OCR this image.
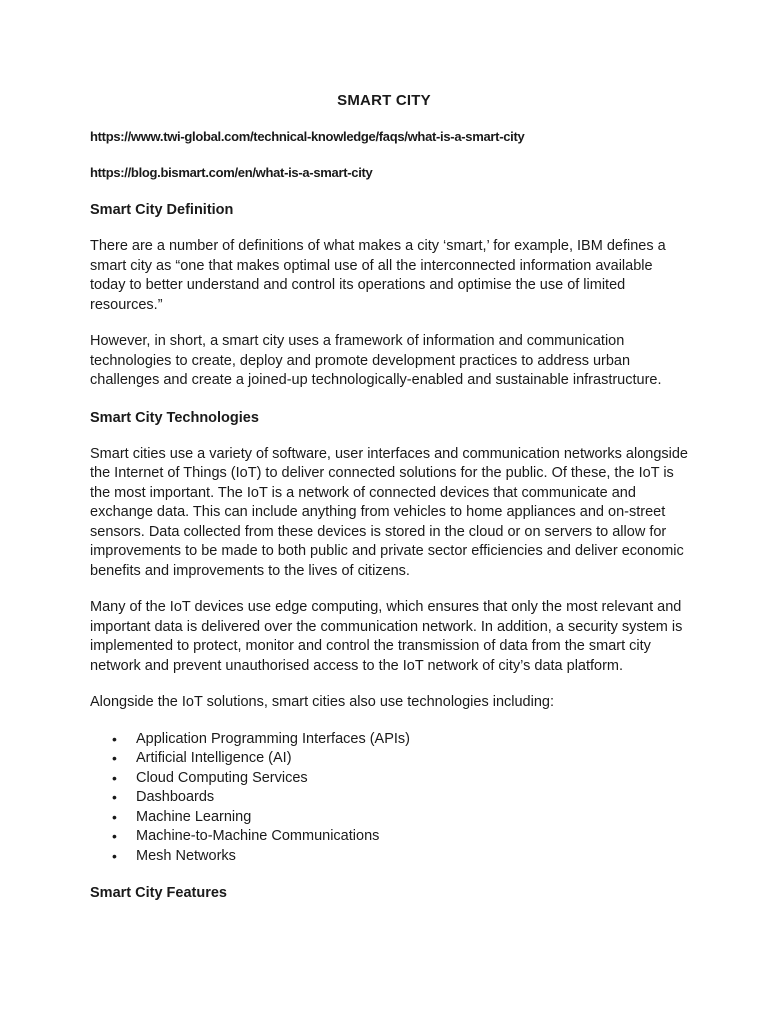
SMART CITY
https://www.twi-global.com/technical-knowledge/faqs/what-is-a-smart-city
https://blog.bismart.com/en/what-is-a-smart-city
Smart City Definition

There are a number of definitions of what makes a city ‘smart,’ for example, IBM defines a smart city as “one that makes optimal use of all the interconnected information available today to better understand and control its operations and optimise the use of limited resources.”

However, in short, a smart city uses a framework of information and communication technologies to create, deploy and promote development practices to address urban challenges and create a joined-up technologically-enabled and sustainable infrastructure.

Smart City Technologies

Smart cities use a variety of software, user interfaces and communication networks alongside the Internet of Things (IoT) to deliver connected solutions for the public. Of these, the IoT is the most important. The IoT is a network of connected devices that communicate and exchange data. This can include anything from vehicles to home appliances and on-street sensors. Data collected from these devices is stored in the cloud or on servers to allow for improvements to be made to both public and private sector efficiencies and deliver economic benefits and improvements to the lives of citizens.

Many of the IoT devices use edge computing, which ensures that only the most relevant and important data is delivered over the communication network. In addition, a security system is implemented to protect, monitor and control the transmission of data from the smart city network and prevent unauthorised access to the IoT network of city’s data platform.

Alongside the IoT solutions, smart cities also use technologies including:

• Application Programming Interfaces (APIs)
• Artificial Intelligence (AI)
• Cloud Computing Services
• Dashboards
• Machine Learning
• Machine-to-Machine Communications
• Mesh Networks
Smart City Features
